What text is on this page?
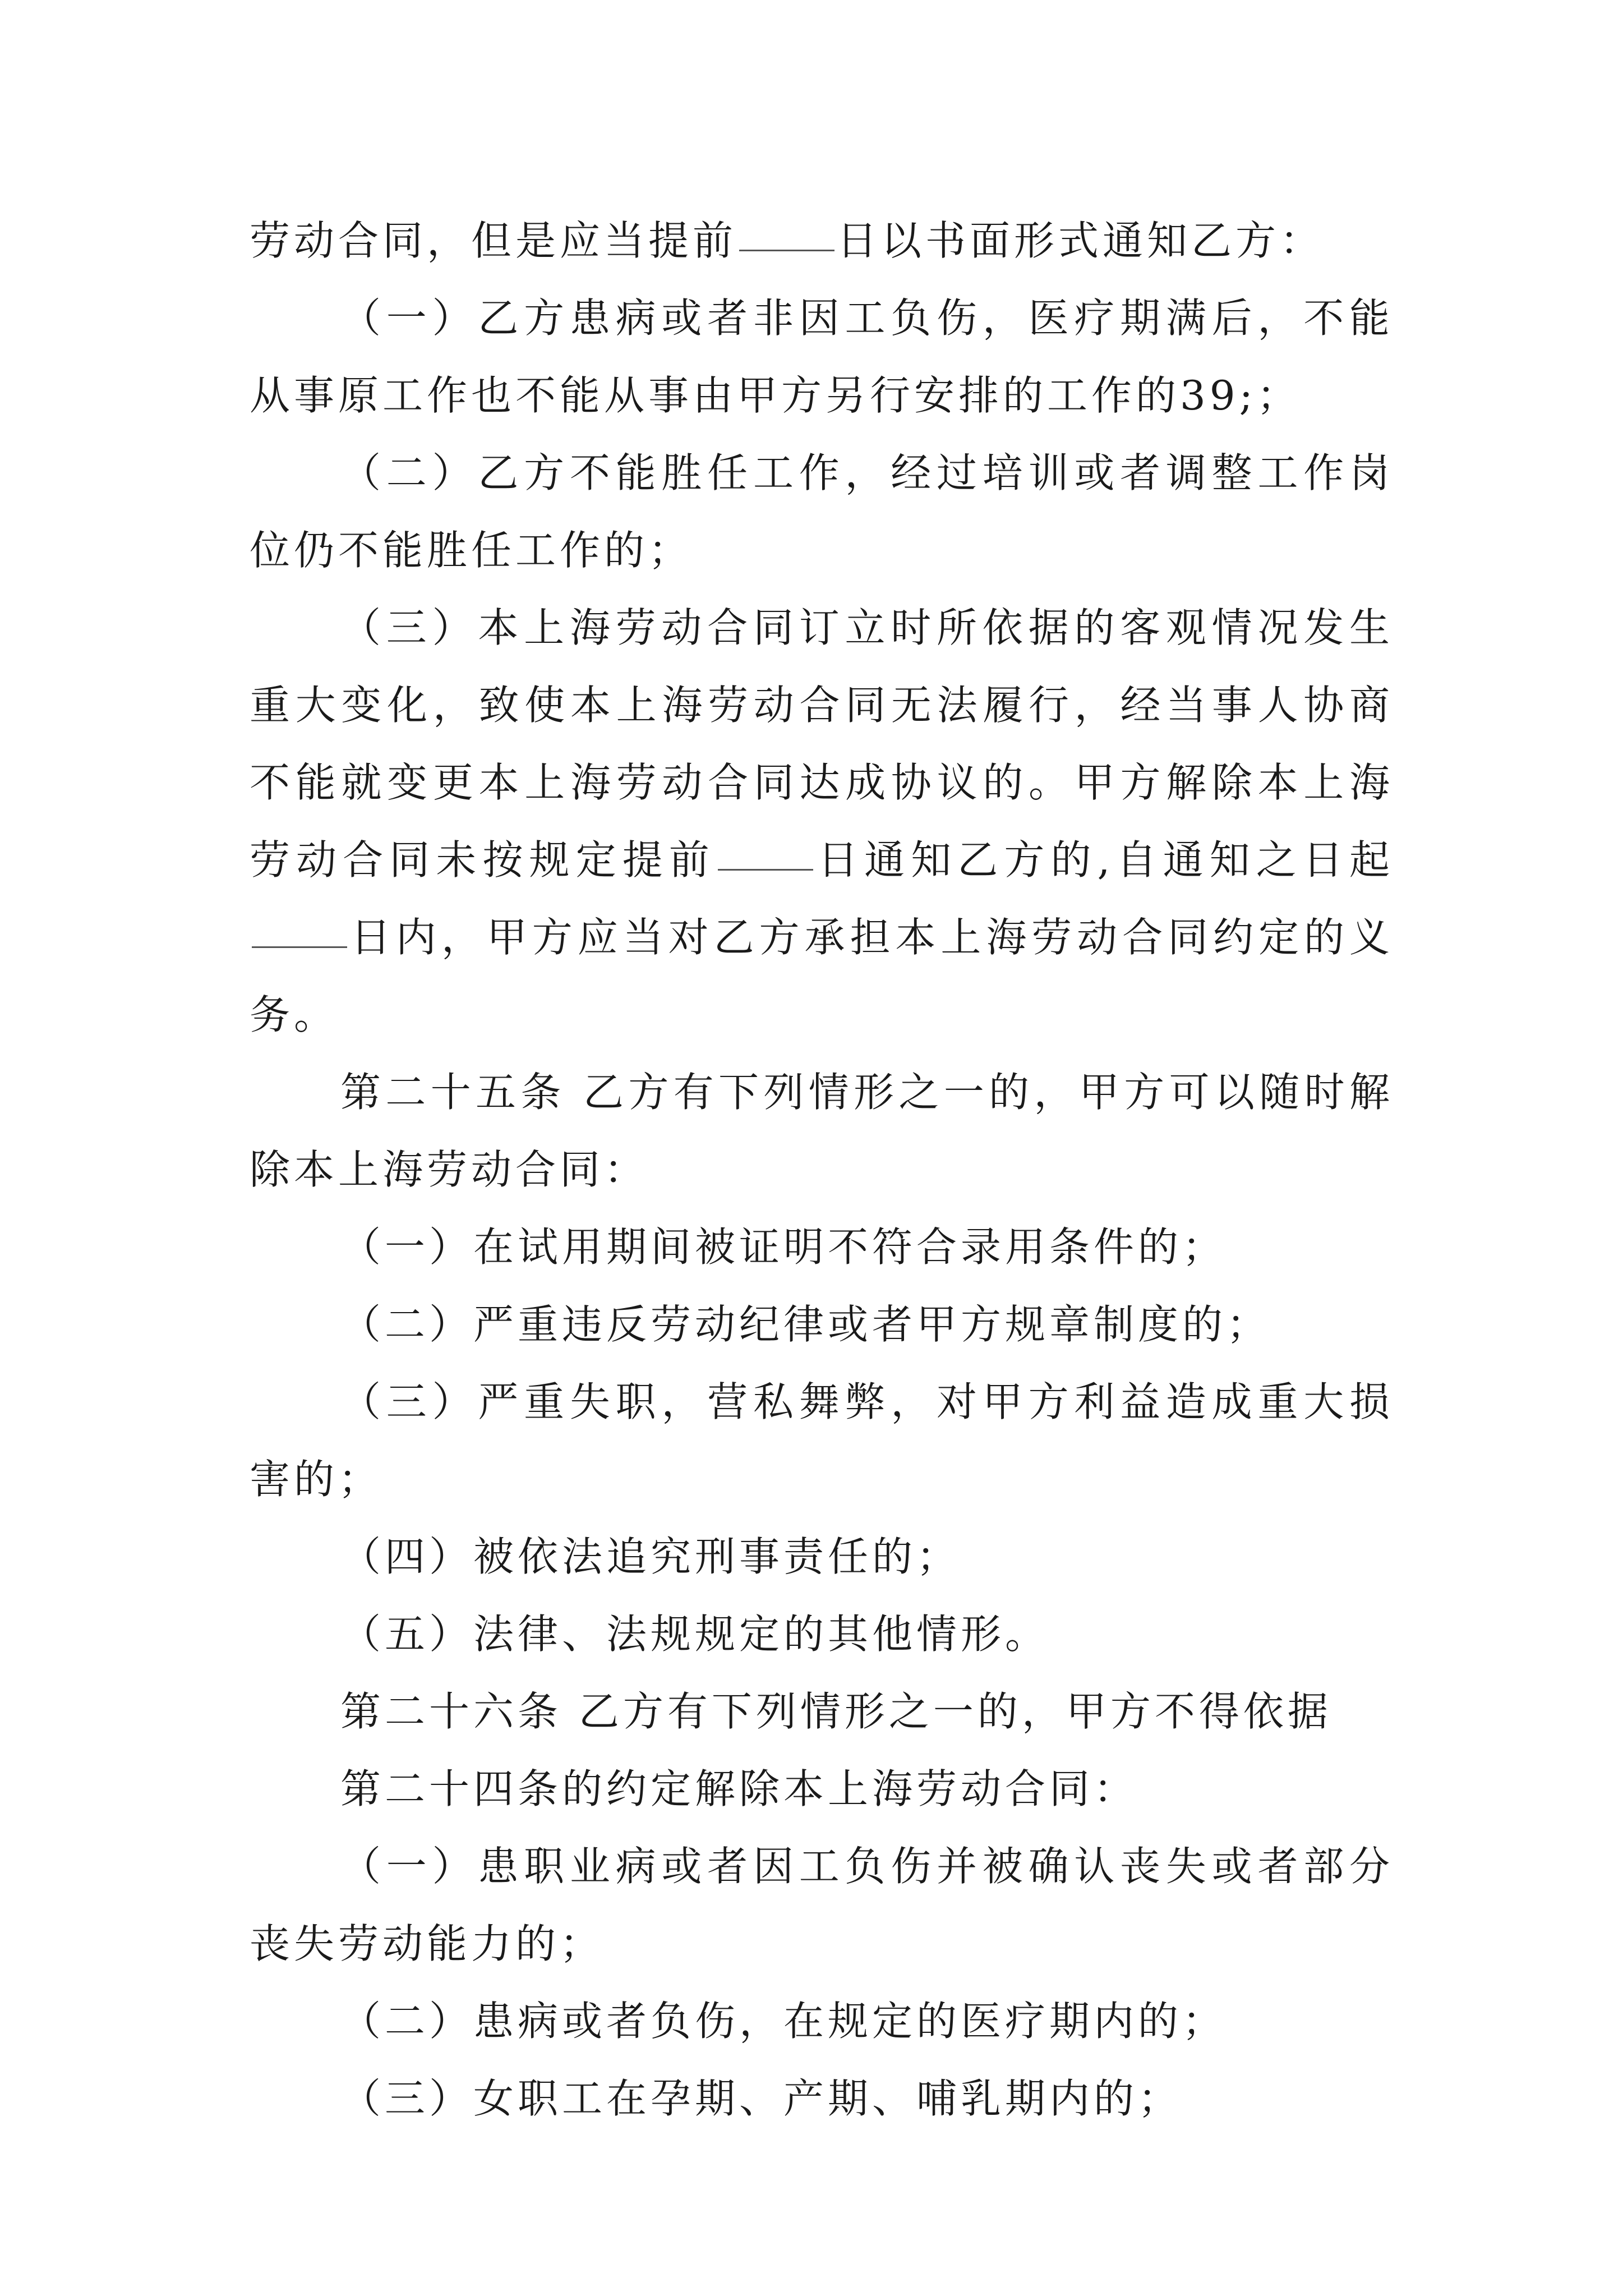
劳动合同，但是应当提前 日以书面形式通知乙方：

（一）乙方患病或者非因工负伤，医疗期满后，不能从事原工作也不能从事由甲方另行安排的工作的39;；

（二）乙方不能胜任工作，经过培训或者调整工作岗位仍不能胜任工作的；

（三）本上海劳动合同订立时所依据的客观情况发生重大变化，致使本上海劳动合同无法履行，经当事人协商不能就变更本上海劳动合同达成协议的。甲方解除本上海劳动合同未按规定提前 日通知乙方的,自通知之日起日内，甲方应当对乙方承担本上海劳动合同约定的义务。

第二十五条 乙方有下列情形之一的，甲方可以随时解除本上海劳动合同：

（一）在试用期间被证明不符合录用条件的；

（二）严重违反劳动纪律或者甲方规章制度的；

（三）严重失职，营私舞弊，对甲方利益造成重大损害的；

（四）被依法追究刑事责任的；

（五）法律、法规规定的其他情形。

第二十六条 乙方有下列情形之一的，甲方不得依据

第二十四条的约定解除本上海劳动合同：

（一）患职业病或者因工负伤并被确认丧失或者部分丧失劳动能力的；

（二）患病或者负伤，在规定的医疗期内的；

（三）女职工在孕期、产期、哺乳期内的；
